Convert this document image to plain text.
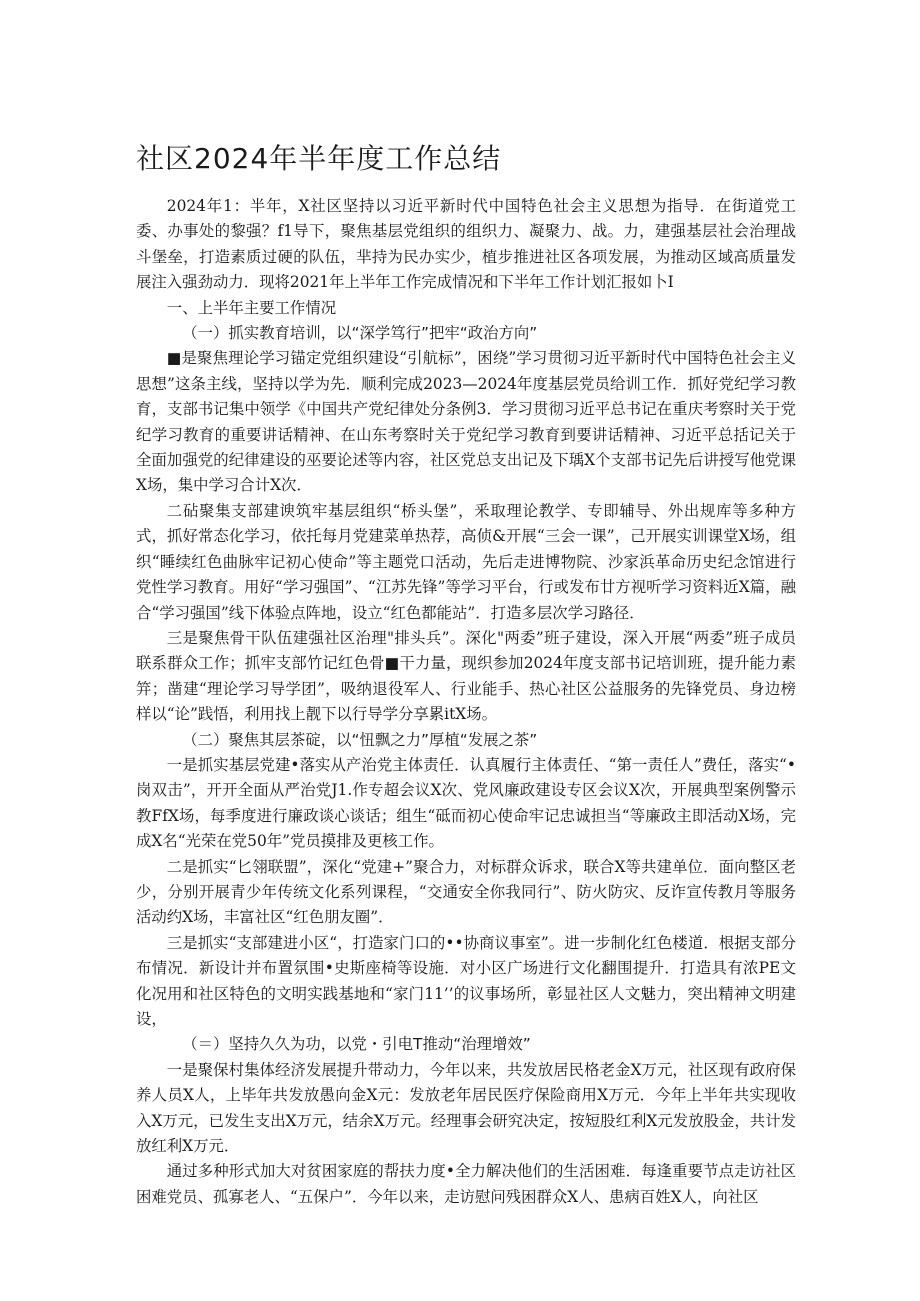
社区2024年半年度工作总结

2024年1：半年，X社区坚持以习近平新时代中国特色社会主义思想为指导．在街道党工委、办事处的黎强？f1导下，聚焦基层党组织的组织力、凝聚力、战。力，建强基层社会治理战斗堡垒，打造素质过硬的队伍，芈持为民办实少，植步推进社区各项发展，为推动区域高质量发展注入强劲动力．现将2021年上半年工作完成情况和下半年工作计划汇报如卜I

一、上半年主要工作情况

（一）抓实教育培训，以“深学笃行”把牢“政治方向”

■是聚焦理论学习锚定党组织建设“引航标”，困绕”学习贯彻习近平新时代中国特色社会主义思想”这条主线，坚持以学为先．顺利完成2023—2024年度基层党员给训工作．抓好党纪学习教育，支部书记集中领学《中国共产党纪律处分条例3．学习贯彻习近平总书记在重庆考察时关于党纪学习教育的重要讲话精神、在山东考察时关于党纪学习教育到要讲话精神、习近平总括记关于全面加强党的纪律建设的巫要论述等内容，社区党总支出记及下瑀X个支部书记先后讲授写他党课X场，集中学习合计X次．

二砧聚集支部建谀筑牢基层组织“桥头堡”，釆取理论教学、专即辅导、外出规库等多种方式，抓好常态化学习，依托每月党建菜单热荐，高侦&开展“三会一课”，己开展实训课堂X场，组织“睡续红色曲脉牢记初心使命”等主题党口活动，先后走进博物院、沙家浜革命历史纪念馆进行党性学习教育。用好“学习强国”、“江苏先锋”等学习平台，行或发布廿方视听学习资料近X篇，融合“学习强国”线下体验点阵地，设立“红色都能站”．打造多层次学习路径．

三是聚焦骨干队伍建强社区治理"排头兵”。深化"两委”班子建设，深入开展“两委”班子成员联系群众工作；抓牢支部竹记红色骨■干力量，现织参加2024年度支部书记培训班，提升能力素笄；凿建“理论学习导学团”，吸纳退役军人、行业能手、热心社区公益服务的先锋党员、身边榜样以“论”践悟，利用找上靓下以行导学分享累itX场。

（二）聚焦其层茶碇，以“忸飘之力”厚植“发展之茶”

一是抓实基层党建•落实从产治党主体责任．认真履行主体责任、“第一责任人”费任，落实“•岗双击”，开开全面从严治党J1.作专超会议X次、党风廉政建设专区会议X次，开展典型案例警示教FfX场，每季度进行廉政谈心谈话；组生“砥而初心使命牢记忠诚担当“等廉政主即活动X场，完成X名“光荣在党50年”党员摸排及更核工作。

二是抓实“匕翎联盟”，深化“党建+”聚合力，对标群众诉求，联合X等共建单位．面向整区老少，分别开展青少年传统文化系列课程，“交通安全你我同行”、防火防灾、反诈宣传教月等服务活动约X场，丰富社区“红色朋友圈”．

三是抓实“支部建进小区“，打造家门口的••协商议事室”。进一步制化红色楼道．根据支部分布情况．新设计并布置氛围•史斯座椅等设施．对小区广场进行文化翻围提升．打造具有浓PE文化况用和社区特色的文明实践基地和“家门11’’的议事场所，彰显社区人文魅力，突出精神文明建设，

（＝）坚持久久为功，以党・引电T推动“治理增效”

一是聚保村集体经济发展提升带动力，今年以来，共发放居民格老金X万元，社区现有政府保养人员X人，上毕年共发放愚向金X元：发放老年居民医疗保险商用X万元．今年上半年共实现收入X万元，已发生支出X万元，结余X万元。经理事会研究决定，按短股红利X元发放股金，共计发放红利X万元．

通过多种形式加大对贫困家庭的帮扶力度•全力解决他们的生活困难．每逢重要节点走访社区困难党员、孤寡老人、“五保户”．今年以来，走访慰问残困群众X人、患病百姓X人，向社区
